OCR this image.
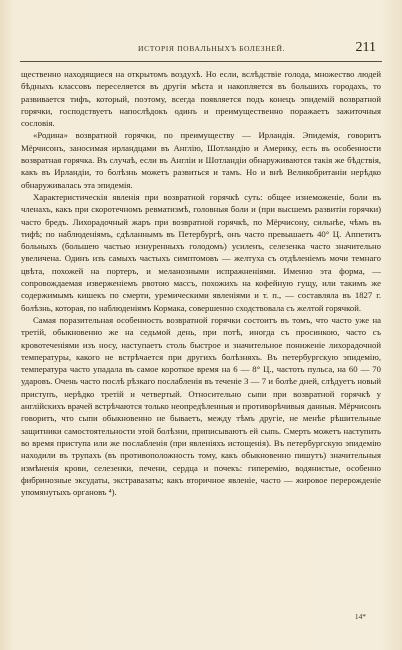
ИСТОРІЯ ПОВАЛЬНЫХЪ БОЛЕЗНЕЙ.	211

щественно находящиеся на открытомъ воздухѣ. Но если, вслѣдствіе голода, множество людей бѣдныхъ классовъ переселяется въ другія мѣста и накопляется въ большихъ городахъ, то развивается тифъ, который, поэтому, всегда появляется подъ конецъ эпидемій возвратной горячки, господствуетъ напослѣдокъ одинъ и преимущественно поражаетъ зажиточныя сословія.

«Родина» возвратной горячки, по преимуществу — Ирландія. Эпидемія, говоритъ Мёрчисонъ, заносимая ирландцами въ Англію, Шотландію и Америку, есть въ особенности возвратная горячка. Въ случаѣ, если въ Англіи и Шотландіи обнаруживаются такія же бѣдствія, какъ въ Ирландіи, то болѣзнь можетъ развиться и тамъ. Но и внѣ Великобританіи нерѣдко обнаруживалась эта эпидемія.

Характеристическія явленія при возвратной горячкѣ суть: общее изнеможеніе, боли въ членахъ, какъ при скоротечномъ ревматизмѣ, головныя боли и (при высшемъ развитіи горячки) часто бредъ. Лихорадочный жаръ при возвратной горячкѣ, по Мёрчисону, сильнѣе, чѣмъ въ тифѣ; по наблюденіямъ, сдѣланнымъ въ Петербургѣ, онъ часто превышаетъ 40° Ц. Аппетитъ больныхъ (большею частью изнуренныхъ голодомъ) усиленъ, селезенка часто значительно увеличена. Одинъ изъ самыхъ частыхъ симптомовъ — желтуха съ отдѣленіемъ мочи темнаго цвѣта, похожей на портеръ, и меланозными испражненіями. Именно эта форма, — сопровождаемая изверженіемъ рвотою массъ, похожихъ на кофейную гущу, или такимъ же содержимымъ кишекъ по смерти, уремическими явленіями и т. п., — составляла въ 1827 г. болѣзнь, которая, по наблюденіямъ Кормака, совершенно сходствовала съ желтой горячкой.

Самая поразительная особенность возвратной горячки состоитъ въ томъ, что часто уже на третій, обыкновенно же на седьмой день, при потѣ, иногда съ просинкою, часто съ кровотеченіями изъ носу, наступаетъ столь быстрое и значительное пониженіе лихорадочной температуры, какого не встрѣчается при другихъ болѣзняхъ. Въ петербургскую эпидемію, температура часто упадала въ самое короткое время на 6 — 8° Ц., частоть пульса, на 60 — 70 ударовъ. Очень часто послѣ рѣзкаго послабленія въ теченіе 3 — 7 и болѣе дней, слѣдуетъ новый приступъ, нерѣдко третій и четвертый. Относительно сыпи при возвратной горячкѣ у англійскихъ врачей встрѣчаются только неопредѣленныя и противорѣчивыя данныя. Мёрчисонъ говоритъ, что сыпи обыкновенно не бываетъ, между тѣмъ другіе, не менѣе рѣшительные защитники самостоятельности этой болѣзни, приписываютъ ей сыпь. Смерть можетъ наступить во время приступа или же послабленія (при явленіяхъ истощенія). Въ петербургскую эпидемію находили въ трупахъ (въ противоположность тому, какъ обыкновенно пишутъ) значительныя измѣненія крови, селезенки, печени, сердца и почекъ: гиперемію, водянистые, особенно фибринозные эксудаты, экстравазаты; какъ вторичное явленіе, часто — жировое перерожденіе упомянутыхъ органовъ ⁴).

14*
